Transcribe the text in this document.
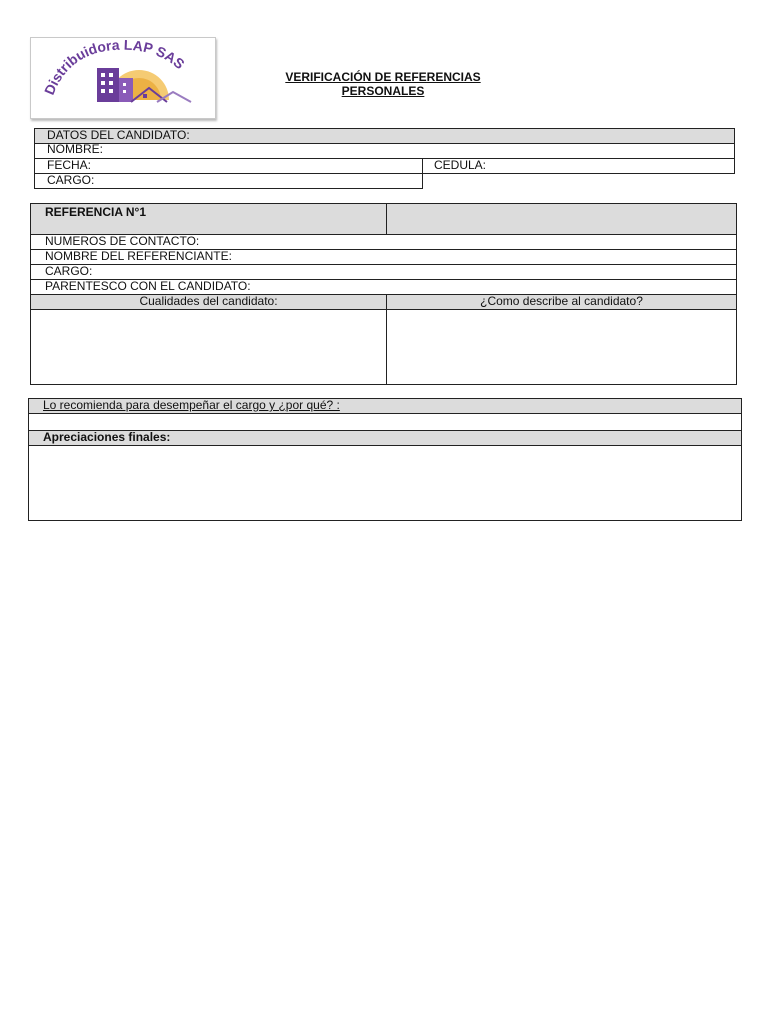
Distribuidora LAP SAS
VERIFICACIÓN DE REFERENCIAS
PERSONALES
DATOS DEL CANDIDATO:
NOMBRE:
FECHA:	CEDULA:
CARGO:
REFERENCIA N°1
NUMEROS DE CONTACTO:
NOMBRE DEL REFERENCIANTE:
CARGO:
PARENTESCO CON EL CANDIDATO:
Cualidades del candidato:	¿Como describe al candidato?
Lo recomienda para desempeñar el cargo y ¿por qué? :
Apreciaciones finales:
